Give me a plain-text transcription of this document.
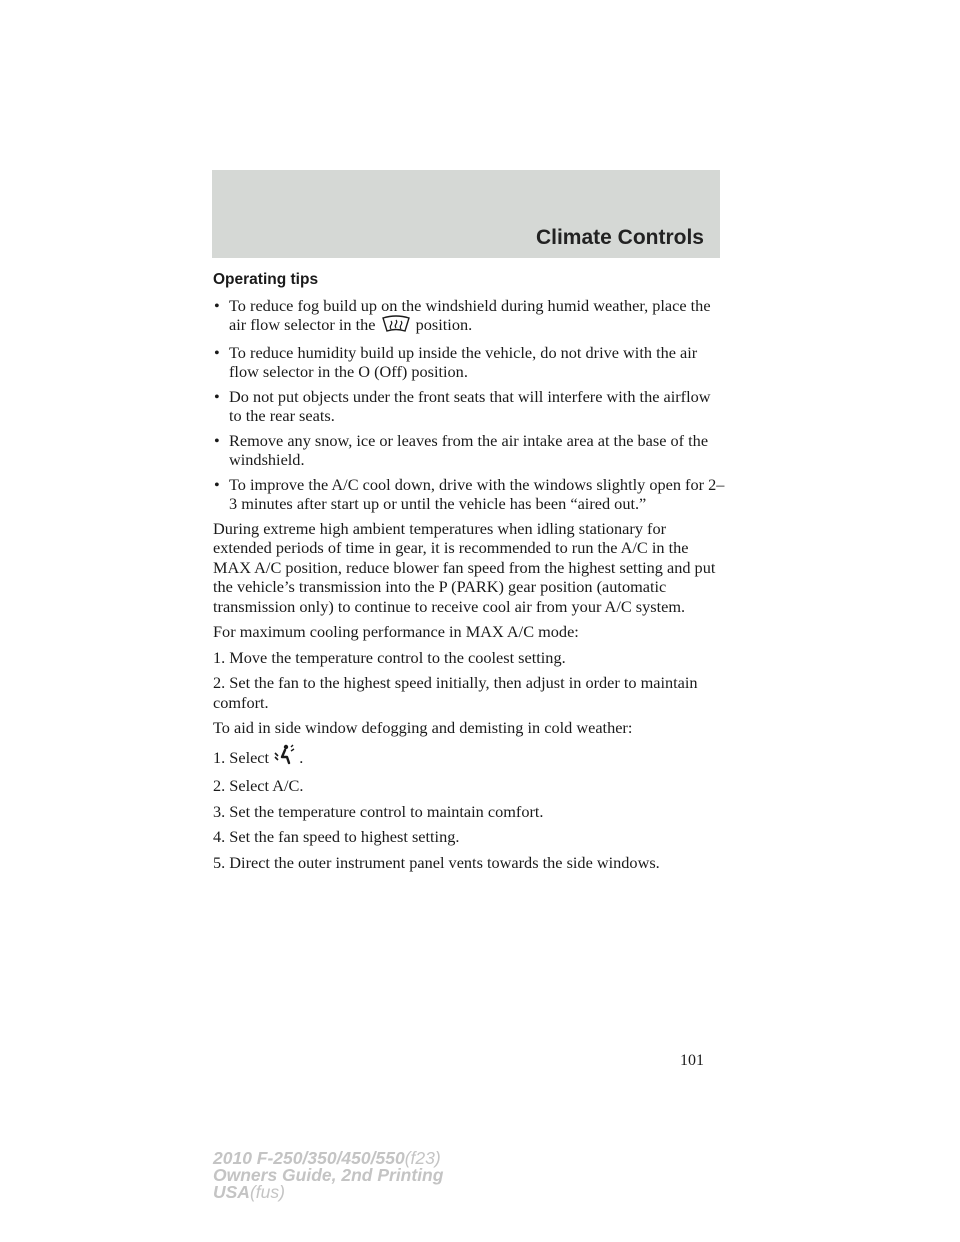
Climate Controls
Operating tips
• To reduce fog build up on the windshield during humid weather, place the air flow selector in the position.
• To reduce humidity build up inside the vehicle, do not drive with the air flow selector in the O (Off) position.
• Do not put objects under the front seats that will interfere with the airflow to the rear seats.
• Remove any snow, ice or leaves from the air intake area at the base of the windshield.
• To improve the A/C cool down, drive with the windows slightly open for 2–3 minutes after start up or until the vehicle has been “aired out.”

During extreme high ambient temperatures when idling stationary for extended periods of time in gear, it is recommended to run the A/C in the MAX A/C position, reduce blower fan speed from the highest setting and put the vehicle’s transmission into the P (PARK) gear position (automatic transmission only) to continue to receive cool air from your A/C system.

For maximum cooling performance in MAX A/C mode:

1. Move the temperature control to the coolest setting.

2. Set the fan to the highest speed initially, then adjust in order to maintain comfort.

To aid in side window defogging and demisting in cold weather:

1. Select .

2. Select A/C.

3. Set the temperature control to maintain comfort.

4. Set the fan speed to highest setting.

5. Direct the outer instrument panel vents towards the side windows.

101
2010 F-250/350/450/550(f23)
Owners Guide, 2nd Printing
USA(fus)
